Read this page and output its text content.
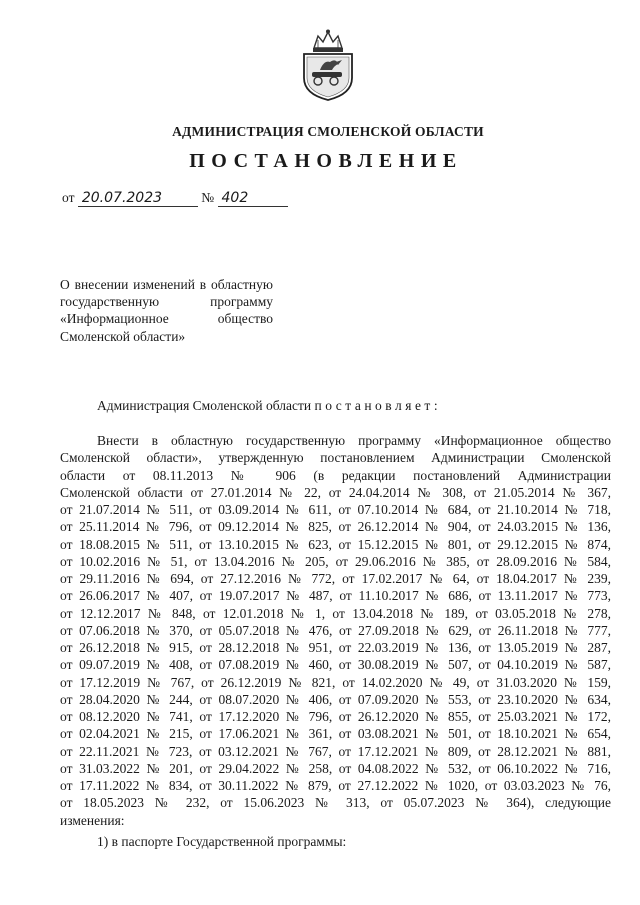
АДМИНИСТРАЦИЯ СМОЛЕНСКОЙ ОБЛАСТИ
ПОСТАНОВЛЕНИЕ
от 20.07.2023	№ 402
О внесении изменений в областную государственную программу «Информационное общество Смоленской области»
Администрация Смоленской области постановляет:
Внести в областную государственную программу «Информационное общество
Смоленской области», утвержденную постановлением Администрации Смоленской
области от 08.11.2013 № 906 (в редакции постановлений Администрации
Смоленской области от 27.01.2014 № 22, от 24.04.2014 № 308, от 21.05.2014 № 367,
от 21.07.2014 № 511, от 03.09.2014 № 611, от 07.10.2014 № 684, от 21.10.2014 № 718,
от 25.11.2014 № 796, от 09.12.2014 № 825, от 26.12.2014 № 904, от 24.03.2015 № 136,
от 18.08.2015 № 511, от 13.10.2015 № 623, от 15.12.2015 № 801, от 29.12.2015 № 874,
от 10.02.2016 № 51, от 13.04.2016 № 205, от 29.06.2016 № 385, от 28.09.2016 № 584,
от 29.11.2016 № 694, от 27.12.2016 № 772, от 17.02.2017 № 64, от 18.04.2017 № 239,
от 26.06.2017 № 407, от 19.07.2017 № 487, от 11.10.2017 № 686, от 13.11.2017 № 773,
от 12.12.2017 № 848, от 12.01.2018 № 1, от 13.04.2018 № 189, от 03.05.2018 № 278,
от 07.06.2018 № 370, от 05.07.2018 № 476, от 27.09.2018 № 629, от 26.11.2018 № 777,
от 26.12.2018 № 915, от 28.12.2018 № 951, от 22.03.2019 № 136, от 13.05.2019 № 287,
от 09.07.2019 № 408, от 07.08.2019 № 460, от 30.08.2019 № 507, от 04.10.2019 № 587,
от 17.12.2019 № 767, от 26.12.2019 № 821, от 14.02.2020 № 49, от 31.03.2020 № 159,
от 28.04.2020 № 244, от 08.07.2020 № 406, от 07.09.2020 № 553, от 23.10.2020 № 634,
от 08.12.2020 № 741, от 17.12.2020 № 796, от 26.12.2020 № 855, от 25.03.2021 № 172,
от 02.04.2021 № 215, от 17.06.2021 № 361, от 03.08.2021 № 501, от 18.10.2021 № 654,
от 22.11.2021 № 723, от 03.12.2021 № 767, от 17.12.2021 № 809, от 28.12.2021 № 881,
от 31.03.2022 № 201, от 29.04.2022 № 258, от 04.08.2022 № 532, от 06.10.2022 № 716,
от 17.11.2022 № 834, от 30.11.2022 № 879, от 27.12.2022 № 1020, от 03.03.2023 № 76,
от 18.05.2023 № 232, от 15.06.2023 № 313, от 05.07.2023 № 364), следующие
изменения:
1) в паспорте Государственной программы:
